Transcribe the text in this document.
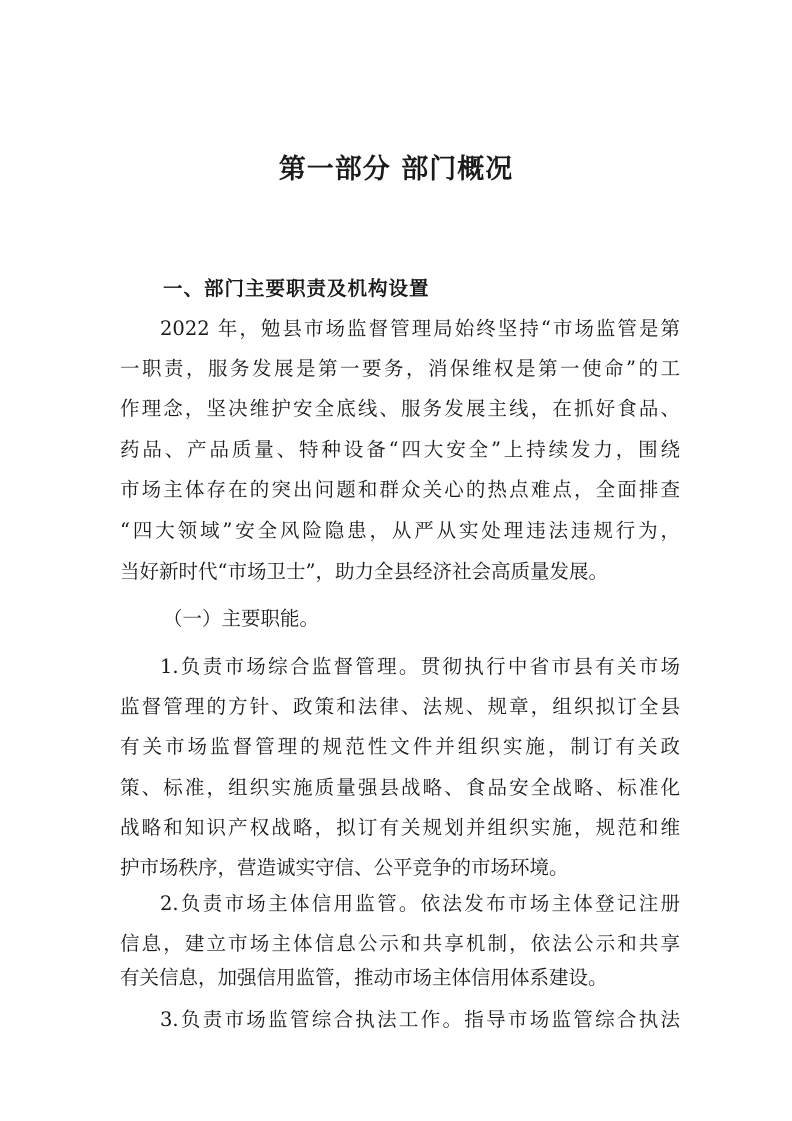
第一部分 部门概况
一、部门主要职责及机构设置

2022 年，勉县市场监督管理局始终坚持“市场监管是第

一职责，服务发展是第一要务，消保维权是第一使命”的工

作理念，坚决维护安全底线、服务发展主线，在抓好食品、

药品、产品质量、特种设备“四大安全”上持续发力，围绕

市场主体存在的突出问题和群众关心的热点难点，全面排查

“四大领域”安全风险隐患，从严从实处理违法违规行为，

当好新时代“市场卫士”，助力全县经济社会高质量发展。

（一）主要职能。

1.负责市场综合监督管理。贯彻执行中省市县有关市场

监督管理的方针、政策和法律、法规、规章，组织拟订全县

有关市场监督管理的规范性文件并组织实施，制订有关政

策、标准，组织实施质量强县战略、食品安全战略、标准化

战略和知识产权战略，拟订有关规划并组织实施，规范和维

护市场秩序，营造诚实守信、公平竞争的市场环境。

2.负责市场主体信用监管。依法发布市场主体登记注册

信息，建立市场主体信息公示和共享机制，依法公示和共享

有关信息，加强信用监管，推动市场主体信用体系建设。

3.负责市场监管综合执法工作。指导市场监管综合执法
